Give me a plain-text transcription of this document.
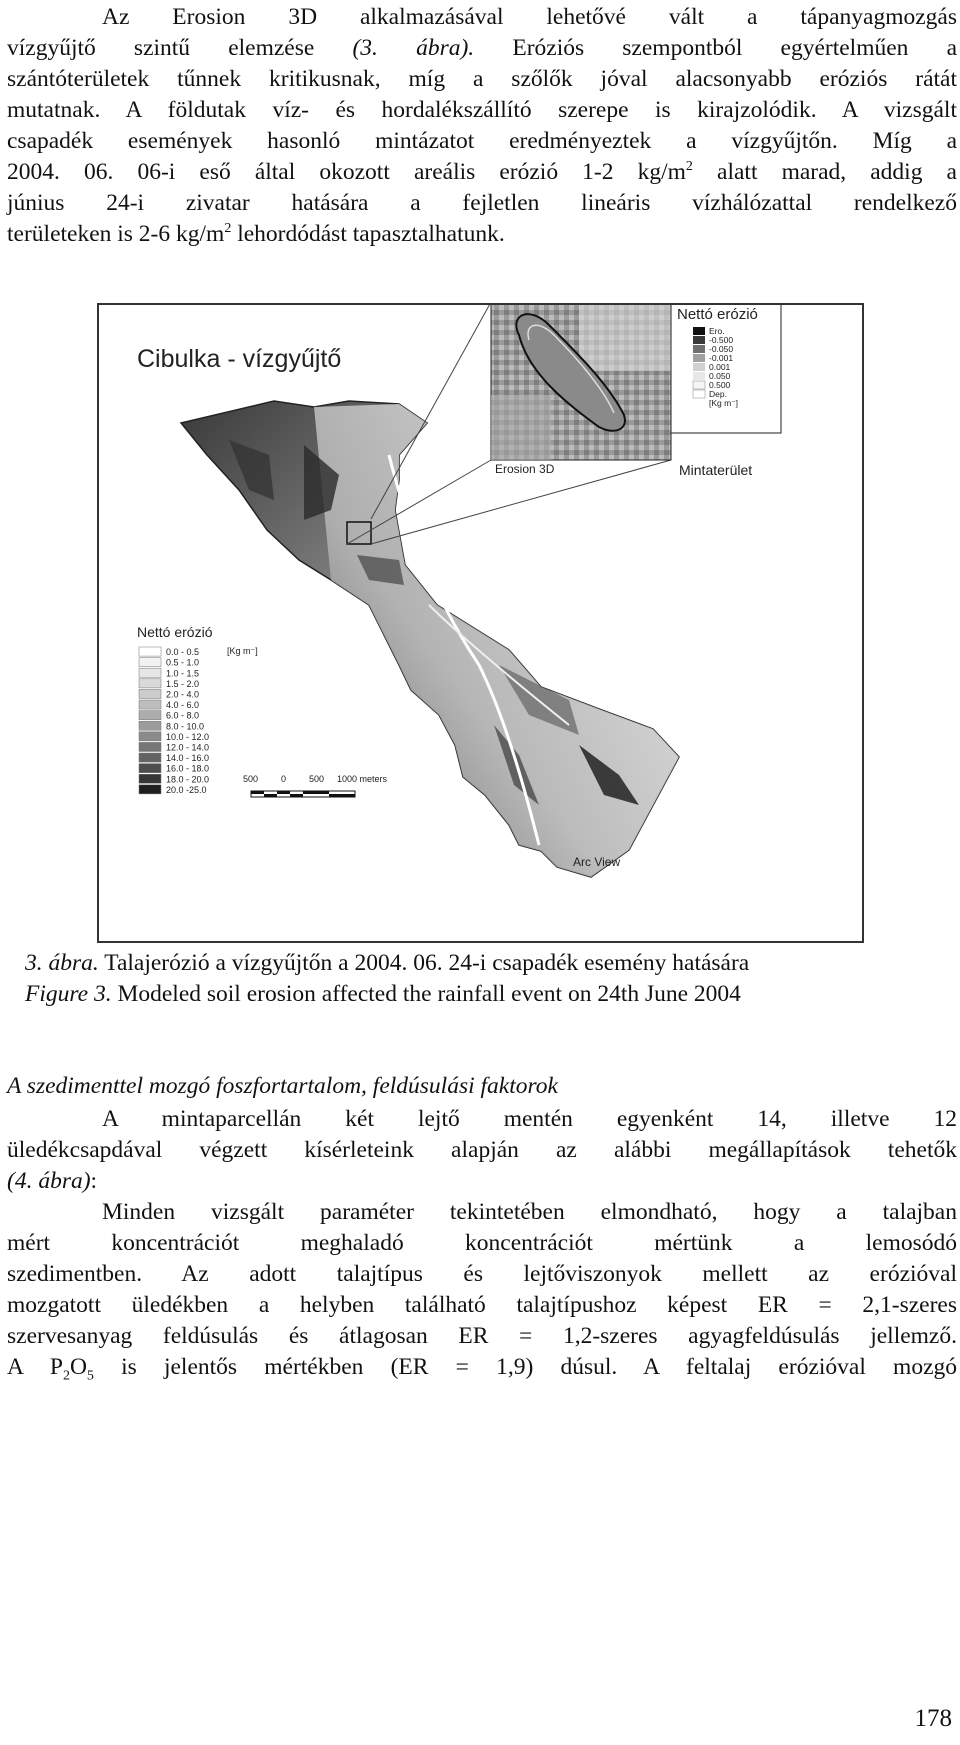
Az Erosion 3D alkalmazásával lehetővé vált a tápanyagmozgás
vízgyűjtő szintű elemzése (3. ábra). Eróziós szempontból egyértelműen a
szántóterületek tűnnek kritikusnak, míg a szőlők jóval alacsonyabb eróziós rátát
mutatnak. A földutak víz- és hordalékszállító szerepe is kirajzolódik. A vizsgált
csapadék események hasonló mintázatot eredményeztek a vízgyűjtőn. Míg a
2004. 06. 06-i eső által okozott areális erózió 1-2 $kg/m^2$ alatt marad, addig a
június 24-i zivatar hatására a fejletlen lineáris vízhálózattal rendelkező
területeken is 2-6 $kg/m^2$ lehordódást tapasztalhatunk.
Cibulka - vízgyűjtő
Erosion 3D
Nettó erózió
Ero.
-0.500
-0.050
-0.001
0.001
0.050
0.500
Dep.
[Kg m⁻]
Mintaterület
Nettó erózió
[Kg m⁻]
0.0 - 0.5
0.5 - 1.0
1.0 - 1.5
1.5 - 2.0
2.0 - 4.0
4.0 - 6.0
6.0 - 8.0
8.0 - 10.0
10.0 - 12.0
12.0 - 14.0
14.0 - 16.0
16.0 - 18.0
18.0 - 20.0
20.0 -25.0
500	0	500 1000 meters
Arc View
3. ábra. Talajerózió a vízgyűjtőn a 2004. 06. 24-i csapadék esemény hatására
Figure 3. Modeled soil erosion affected the rainfall event on 24th June 2004
A szedimenttel mozgó foszfortartalom, feldúsulási faktorok
A mintaparcellán két lejtő mentén egyenként 14, illetve 12
üledékcsapdával végzett kísérleteink alapján az alábbi megállapítások tehetők
(4. ábra):
Minden vizsgált paraméter tekintetében elmondható, hogy a talajban
mért koncentrációt meghaladó koncentrációt mértünk a lemosódó
szedimentben. Az adott talajtípus és lejtőviszonyok mellett az erózióval
mozgatott üledékben a helyben található talajtípushoz képest ER = 2,1-szeres
szervesanyag feldúsulás és átlagosan ER = 1,2-szeres agyagfeldúsulás jellemző.
A $P_2O_5$ is jelentős mértékben (ER = 1,9) dúsul. A feltalaj erózióval mozgó
178
